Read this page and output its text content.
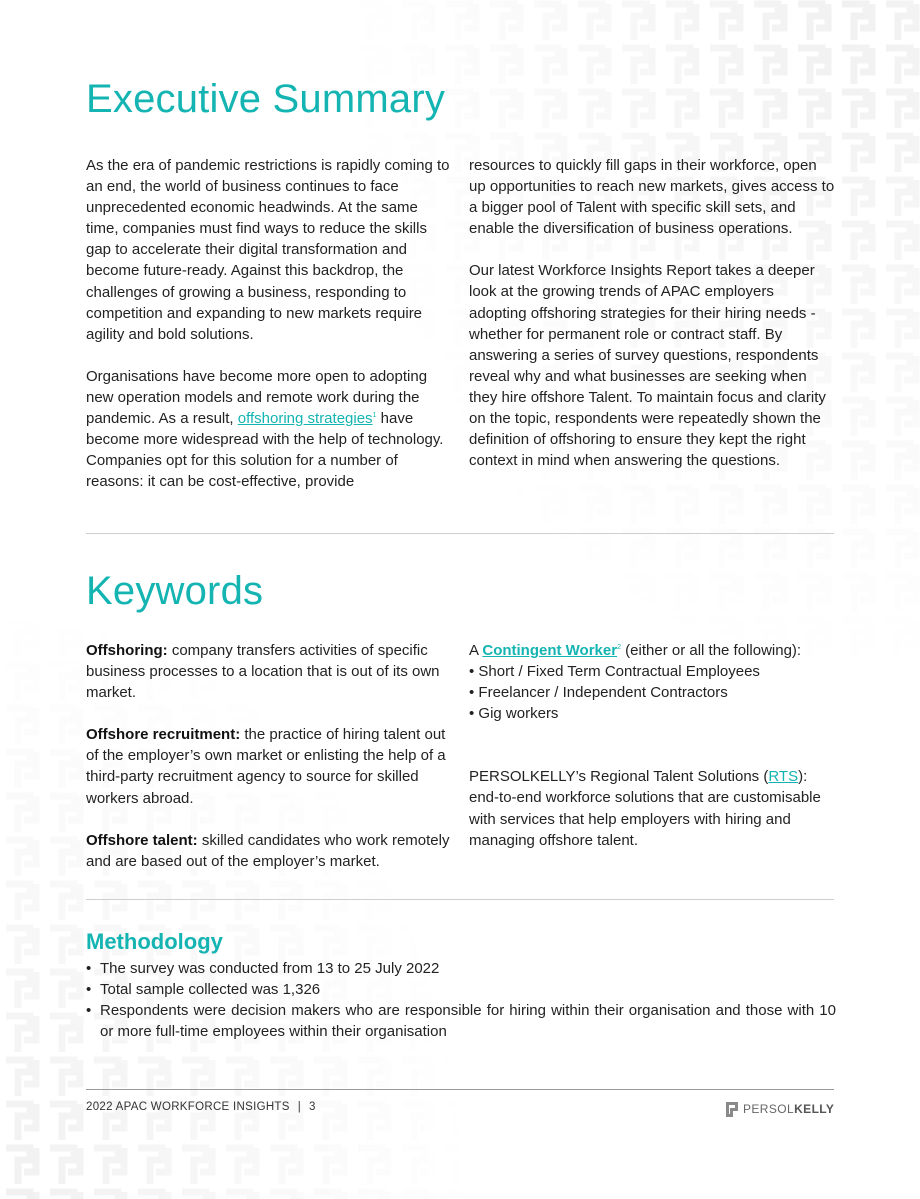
Executive Summary

As the era of pandemic restrictions is rapidly coming to an end, the world of business continues to face unprecedented economic headwinds. At the same time, companies must find ways to reduce the skills gap to accelerate their digital transformation and become future-ready. Against this backdrop, the challenges of growing a business, responding to competition and expanding to new markets require agility and bold solutions.

Organisations have become more open to adopting new operation models and remote work during the pandemic. As a result, offshoring strategies$^1$ have become more widespread with the help of technology. Companies opt for this solution for a number of reasons: it can be cost-effective, provide

resources to quickly fill gaps in their workforce, open up opportunities to reach new markets, gives access to a bigger pool of Talent with specific skill sets, and enable the diversification of business operations.

Our latest Workforce Insights Report takes a deeper look at the growing trends of APAC employers adopting offshoring strategies for their hiring needs - whether for permanent role or contract staff. By answering a series of survey questions, respondents reveal why and what businesses are seeking when they hire offshore Talent. To maintain focus and clarity on the topic, respondents were repeatedly shown the definition of offshoring to ensure they kept the right context in mind when answering the questions.

Keywords

Offshoring: company transfers activities of specific business processes to a location that is out of its own market.

Offshore recruitment: the practice of hiring talent out of the employer’s own market or enlisting the help of a third-party recruitment agency to source for skilled workers abroad.

Offshore talent: skilled candidates who work remotely and are based out of the employer’s market.

A Contingent Worker$^2$ (either or all the following):
• Short / Fixed Term Contractual Employees
• Freelancer / Independent Contractors
• Gig workers
PERSOLKELLY’s Regional Talent Solutions (RTS): end-to-end workforce solutions that are customisable with services that help employers with hiring and managing offshore talent.
Methodology
• The survey was conducted from 13 to 25 July 2022
• Total sample collected was 1,326
• Respondents were decision makers who are responsible for hiring within their organisation and those with 10 or more full-time employees within their organisation
2022 APAC WORKFORCE INSIGHTS | 3	PERSOLKELLY
